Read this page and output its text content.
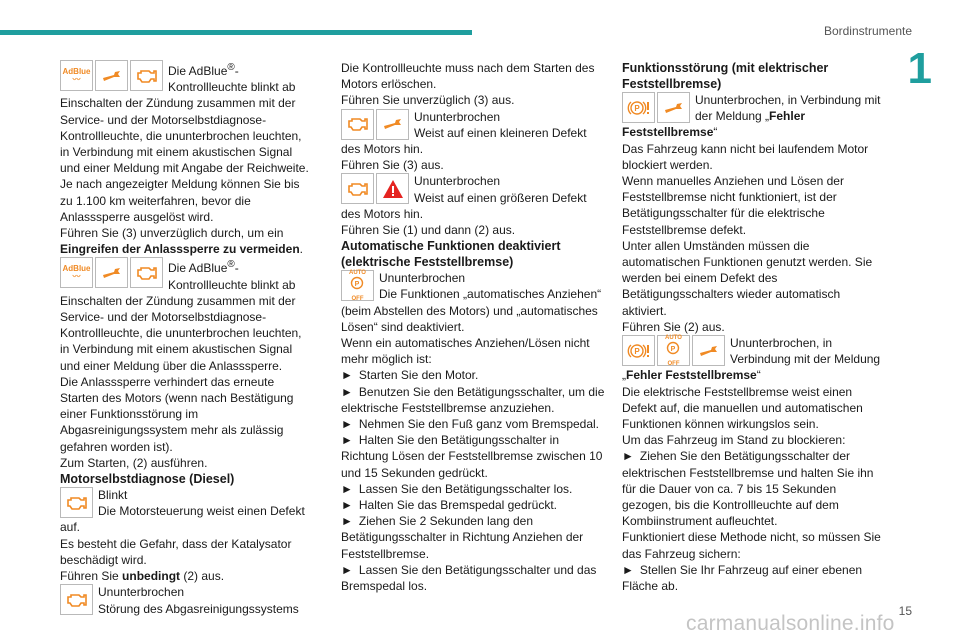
Bordinstrumente
1
15
carmanualsonline.info
AdBlue
〰

Die AdBlue®-Kontrollleuchte blinkt ab Einschalten der Zündung zusammen mit der Service- und der Motorselbstdiagnose-Kontrollleuchte, die ununterbrochen leuchten, in Verbindung mit einem akustischen Signal und einer Meldung mit Angabe der Reichweite.

Je nach angezeigter Meldung können Sie bis zu 1.100 km weiterfahren, bevor die Anlasssperre ausgelöst wird.

Führen Sie (3) unverzüglich durch, um ein Eingreifen der Anlasssperre zu vermeiden.

AdBlue
〰

Die AdBlue®-Kontrollleuchte blinkt ab Einschalten der Zündung zusammen mit der Service- und der Motorselbstdiagnose-Kontrollleuchte, die ununterbrochen leuchten, in Verbindung mit einem akustischen Signal und einer Meldung über die Anlasssperre.

Die Anlasssperre verhindert das erneute Starten des Motors (wenn nach Bestätigung einer Funktionsstörung im Abgasreinigungssystem mehr als zulässig gefahren worden ist).

Zum Starten, (2) ausführen.

Motorselbstdiagnose (Diesel)

Blinkt

Die Motorsteuerung weist einen Defekt auf.

Es besteht die Gefahr, dass der Katalysator beschädigt wird.

Führen Sie unbedingt (2) aus.

Ununterbrochen

Störung des Abgasreinigungssystems

Die Kontrollleuchte muss nach dem Starten des Motors erlöschen.

Führen Sie unverzüglich (3) aus.

Ununterbrochen

Weist auf einen kleineren Defekt des Motors hin.

Führen Sie (3) aus.

Ununterbrochen

Weist auf einen größeren Defekt des Motors hin.

Führen Sie (1) und dann (2) aus.

Automatische Funktionen deaktiviert (elektrische Feststellbremse)

AUTO

P

OFF

Ununterbrochen

Die Funktionen „automatisches Anziehen“ (beim Abstellen des Motors) und „automatisches Lösen“ sind deaktiviert.

Wenn ein automatisches Anziehen/Lösen nicht mehr möglich ist:

► Starten Sie den Motor.

► Benutzen Sie den Betätigungsschalter, um die elektrische Feststellbremse anzuziehen.

► Nehmen Sie den Fuß ganz vom Bremspedal.

► Halten Sie den Betätigungsschalter in Richtung Lösen der Feststellbremse zwischen 10 und 15 Sekunden gedrückt.

► Lassen Sie den Betätigungsschalter los.

► Halten Sie das Bremspedal gedrückt.

► Ziehen Sie 2 Sekunden lang den Betätigungsschalter in Richtung Anziehen der Feststellbremse.

► Lassen Sie den Betätigungsschalter und das Bremspedal los.

Funktionsstörung (mit elektrischer Feststellbremse)

P

Ununterbrochen, in Verbindung mit der Meldung „Fehler Feststellbremse“

Das Fahrzeug kann nicht bei laufendem Motor blockiert werden.

Wenn manuelles Anziehen und Lösen der Feststellbremse nicht funktioniert, ist der Betätigungsschalter für die elektrische Feststellbremse defekt.

Unter allen Umständen müssen die automatischen Funktionen genutzt werden. Sie werden bei einem Defekt des Betätigungsschalters wieder automatisch aktiviert.

Führen Sie (2) aus.

P
AUTO

P

OFF

Ununterbrochen, in Verbindung mit der Meldung „Fehler Feststellbremse“

Die elektrische Feststellbremse weist einen Defekt auf, die manuellen und automatischen Funktionen können wirkungslos sein.

Um das Fahrzeug im Stand zu blockieren:

► Ziehen Sie den Betätigungsschalter der elektrischen Feststellbremse und halten Sie ihn für die Dauer von ca. 7 bis 15 Sekunden gezogen, bis die Kontrollleuchte auf dem Kombiinstrument aufleuchtet.

Funktioniert diese Methode nicht, so müssen Sie das Fahrzeug sichern:

► Stellen Sie Ihr Fahrzeug auf einer ebenen Fläche ab.
